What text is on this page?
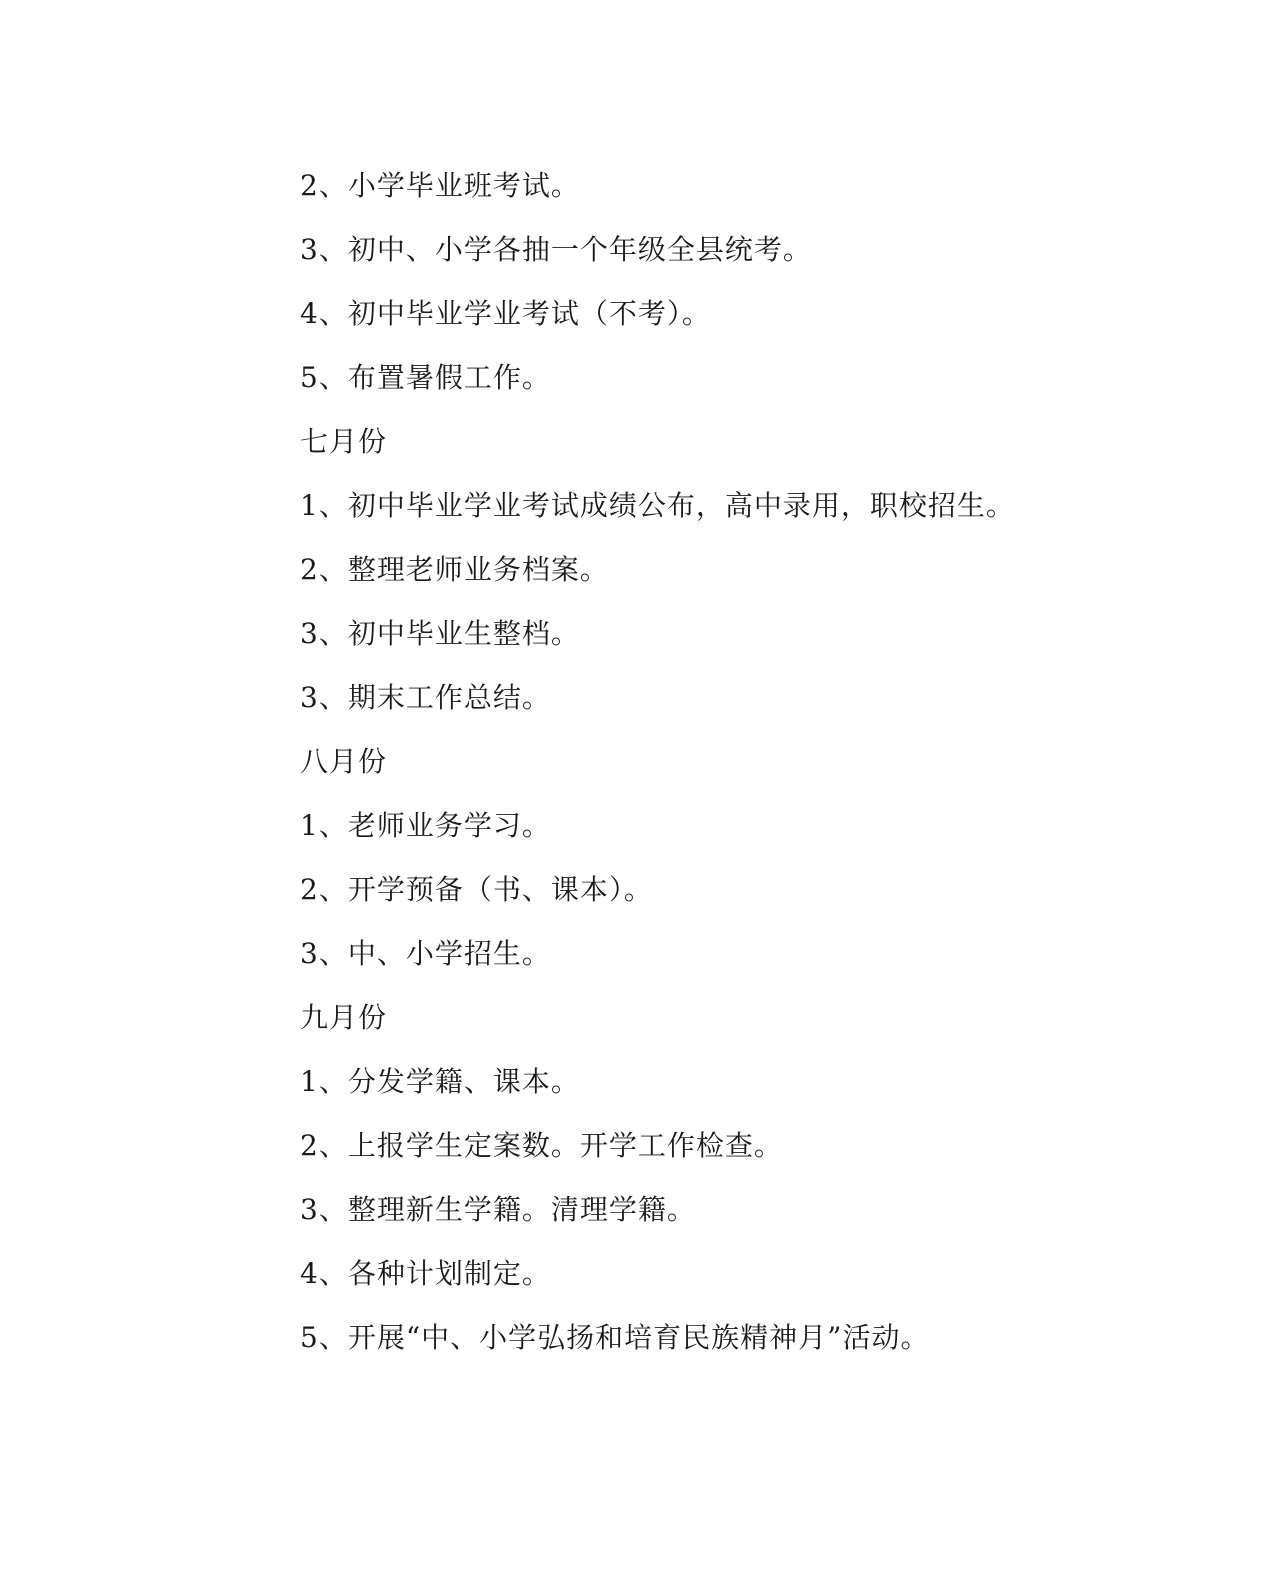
2、小学毕业班考试。
3、初中、小学各抽一个年级全县统考。
4、初中毕业学业考试（不考）。
5、布置暑假工作。
七月份
1、初中毕业学业考试成绩公布，高中录用，职校招生。
2、整理老师业务档案。
3、初中毕业生整档。
3、期末工作总结。
八月份
1、老师业务学习。
2、开学预备（书、课本）。
3、中、小学招生。
九月份
1、分发学籍、课本。
2、上报学生定案数。开学工作检查。
3、整理新生学籍。清理学籍。
4、各种计划制定。
5、开展“中、小学弘扬和培育民族精神月”活动。
